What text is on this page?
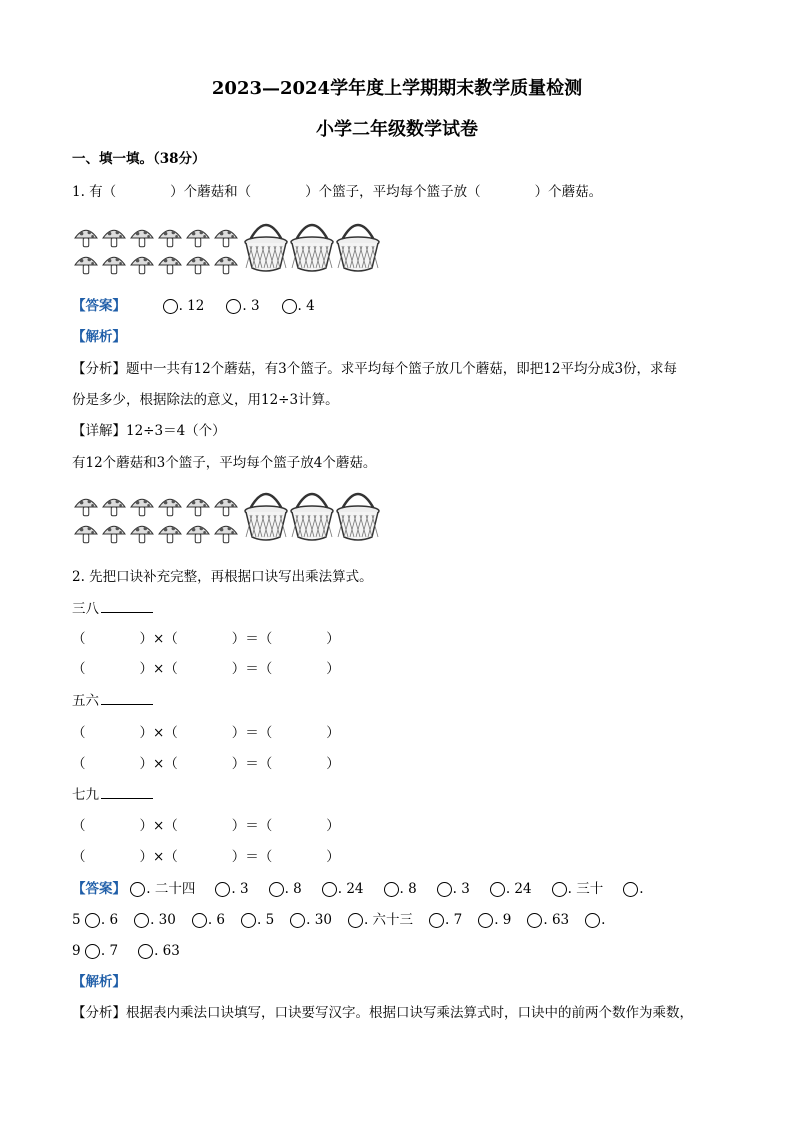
2023—2024学年度上学期期末教学质量检测
小学二年级数学试卷
一、填一填。（38分）
1. 有（　　　　）个蘑菇和（　　　　）个篮子，平均每个篮子放（　　　　）个蘑菇。
【答案】	. 12	. 3	. 4
【解析】
【分析】题中一共有12个蘑菇，有3个篮子。求平均每个篮子放几个蘑菇，即把12平均分成3份，求每
份是多少，根据除法的意义，用12÷3计算。
【详解】12÷3＝4（个）
有12个蘑菇和3个篮子，平均每个篮子放4个蘑菇。
2. 先把口诀补充完整，再根据口诀写出乘法算式。
三八
（　　　　）×（　　　　）＝（　　　　）
（　　　　）×（　　　　）＝（　　　　）
五六
（　　　　）×（　　　　）＝（　　　　）
（　　　　）×（　　　　）＝（　　　　）
七九
（　　　　）×（　　　　）＝（　　　　）
（　　　　）×（　　　　）＝（　　　　）
【答案】 . 二十四	. 3	. 8	. 24	. 8	. 3	. 24	. 三十	.
5 . 6 . 30 . 6 . 5 . 30 . 六十三 . 7 . 9 . 63 .
9 . 7	. 63
【解析】
【分析】根据表内乘法口诀填写，口诀要写汉字。根据口诀写乘法算式时，口诀中的前两个数作为乘数，
